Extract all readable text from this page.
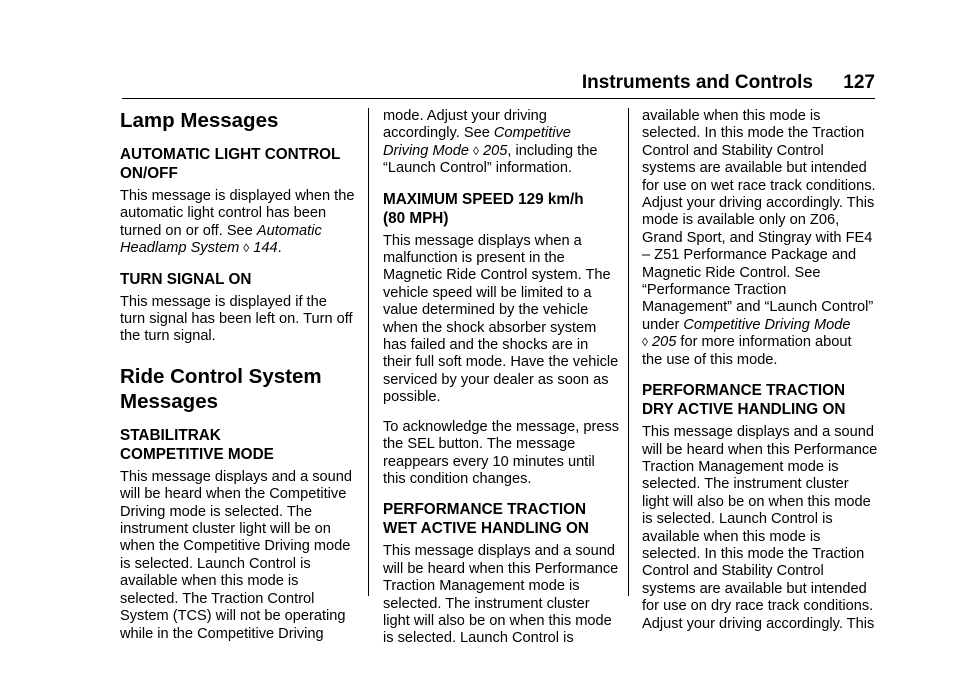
Instruments and Controls 127
Lamp Messages
AUTOMATIC LIGHT CONTROL
ON/OFF

This message is displayed when the
automatic light control has been
turned on or off. See Automatic
Headlamp System ◊ 144.

TURN SIGNAL ON

This message is displayed if the
turn signal has been left on. Turn off
the turn signal.

Ride Control System
Messages
STABILITRAK
COMPETITIVE MODE

This message displays and a sound
will be heard when the Competitive
Driving mode is selected. The
instrument cluster light will be on
when the Competitive Driving mode
is selected. Launch Control is
available when this mode is
selected. The Traction Control
System (TCS) will not be operating
while in the Competitive Driving

mode. Adjust your driving
accordingly. See Competitive
Driving Mode ◊ 205, including the
“Launch Control” information.

MAXIMUM SPEED 129 km/h
(80 MPH)

This message displays when a
malfunction is present in the
Magnetic Ride Control system. The
vehicle speed will be limited to a
value determined by the vehicle
when the shock absorber system
has failed and the shocks are in
their full soft mode. Have the vehicle
serviced by your dealer as soon as
possible.

To acknowledge the message, press
the SEL button. The message
reappears every 10 minutes until
this condition changes.

PERFORMANCE TRACTION
WET ACTIVE HANDLING ON

This message displays and a sound
will be heard when this Performance
Traction Management mode is
selected. The instrument cluster
light will also be on when this mode
is selected. Launch Control is

available when this mode is
selected. In this mode the Traction
Control and Stability Control
systems are available but intended
for use on wet race track conditions.
Adjust your driving accordingly. This
mode is available only on Z06,
Grand Sport, and Stingray with FE4
– Z51 Performance Package and
Magnetic Ride Control. See
“Performance Traction
Management” and “Launch Control”
under Competitive Driving Mode
◊ 205 for more information about
the use of this mode.

PERFORMANCE TRACTION
DRY ACTIVE HANDLING ON

This message displays and a sound
will be heard when this Performance
Traction Management mode is
selected. The instrument cluster
light will also be on when this mode
is selected. Launch Control is
available when this mode is
selected. In this mode the Traction
Control and Stability Control
systems are available but intended
for use on dry race track conditions.
Adjust your driving accordingly. This
